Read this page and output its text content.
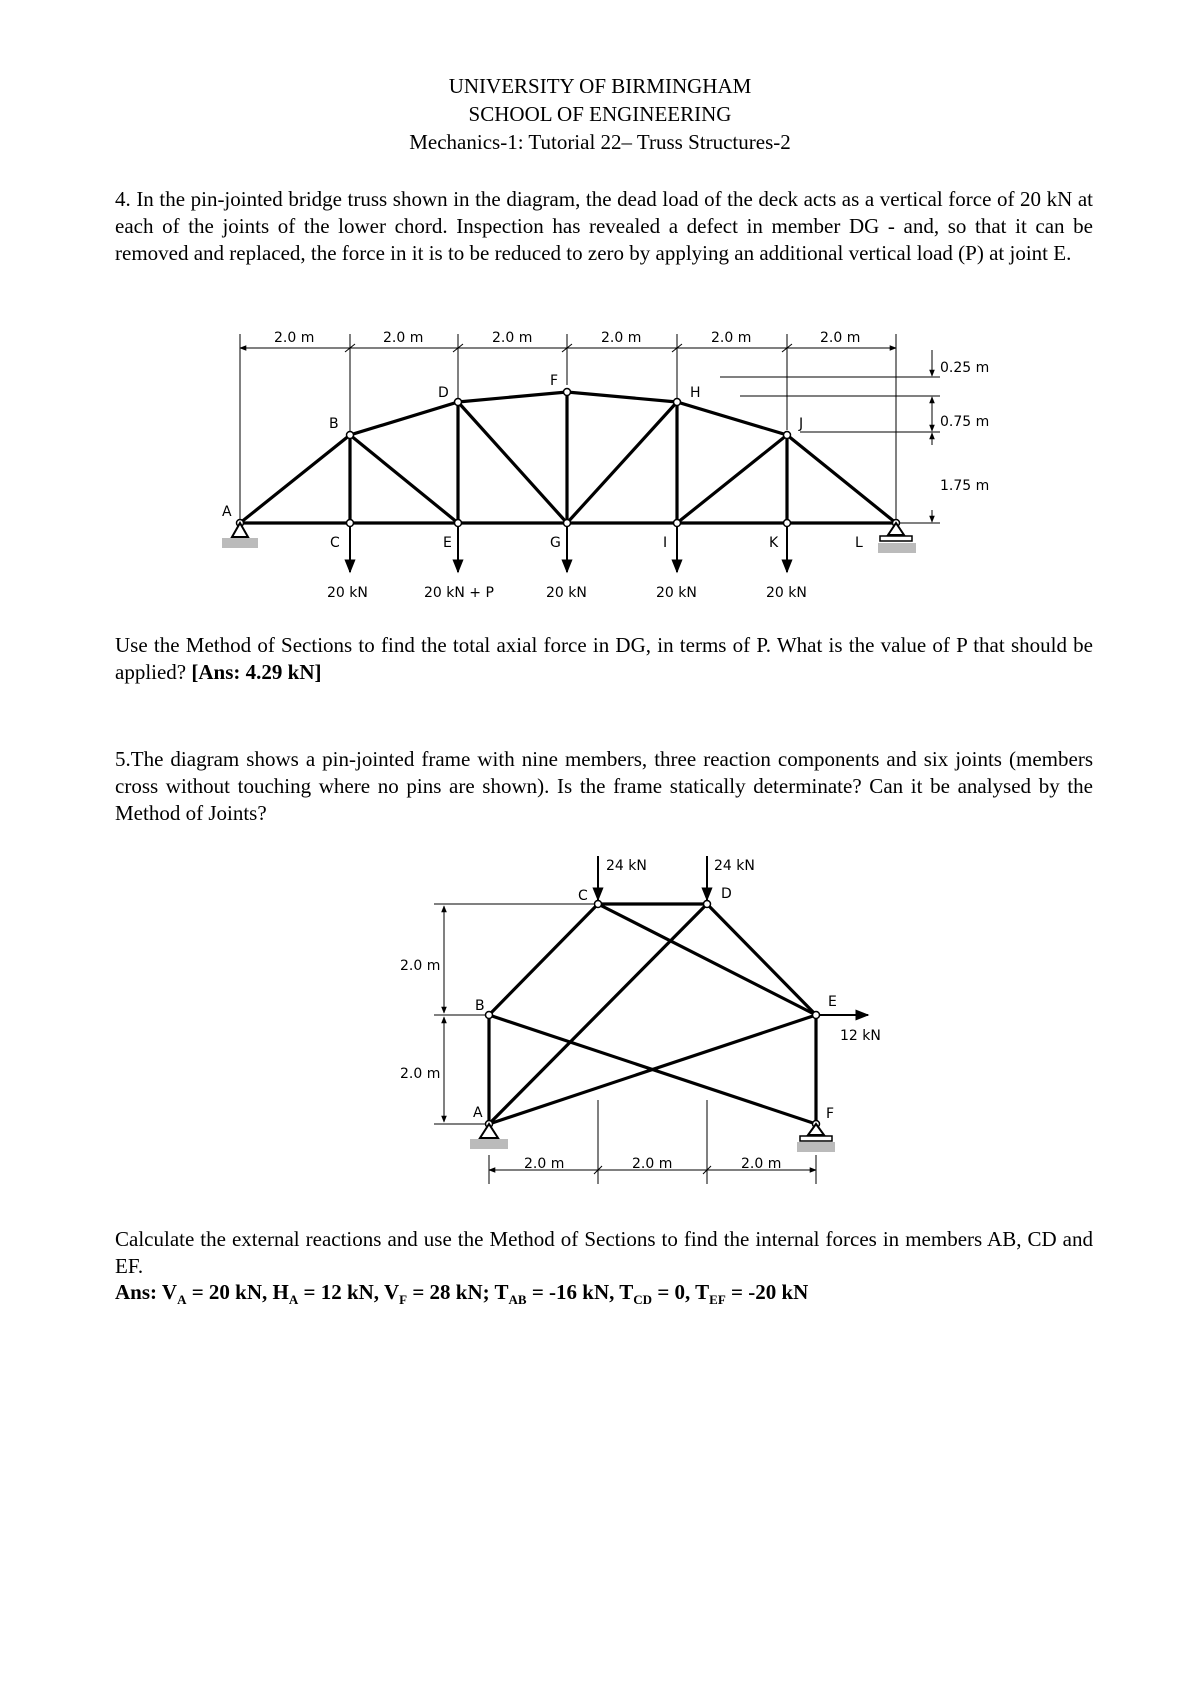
UNIVERSITY OF BIRMINGHAM
SCHOOL OF ENGINEERING
Mechanics-1: Tutorial 22– Truss Structures-2
4. In the pin-jointed bridge truss shown in the diagram, the dead load of the deck acts as a vertical force of 20 kN at each of the joints of the lower chord. Inspection has revealed a defect in member DG - and, so that it can be removed and replaced, the force in it is to be reduced to zero by applying an additional vertical load (P) at joint E.
2.0 m	2.0 m	2.0 m	2.0 m	2.0 m	2.0 m
0.25 m
0.75 m
1.75 m
A
B
C
D
E
F
G
H
I
J
K	L
20 kN	20 kN + P	20 kN	20 kN	20 kN
Use the Method of Sections to find the total axial force in DG, in terms of P. What is the value of P that should be applied? [Ans: 4.29 kN]
5.The diagram shows a pin-jointed frame with nine members, three reaction components and six joints (members cross without touching where no pins are shown). Is the frame statically determinate? Can it be analysed by the Method of Joints?
24 kN	24 kN
12 kN
2.0 m
2.0 m
2.0 m	2.0 m	2.0 m
A
B
C	D
E
F
Calculate the external reactions and use the Method of Sections to find the internal forces in members AB, CD and EF.
Ans: $V_A = 20$ kN, $H_A = 12$ kN, $V_F = 28$ kN; $T_{AB} = -16$ kN, $T_{CD} = 0$, $T_{EF} = -20$ kN
